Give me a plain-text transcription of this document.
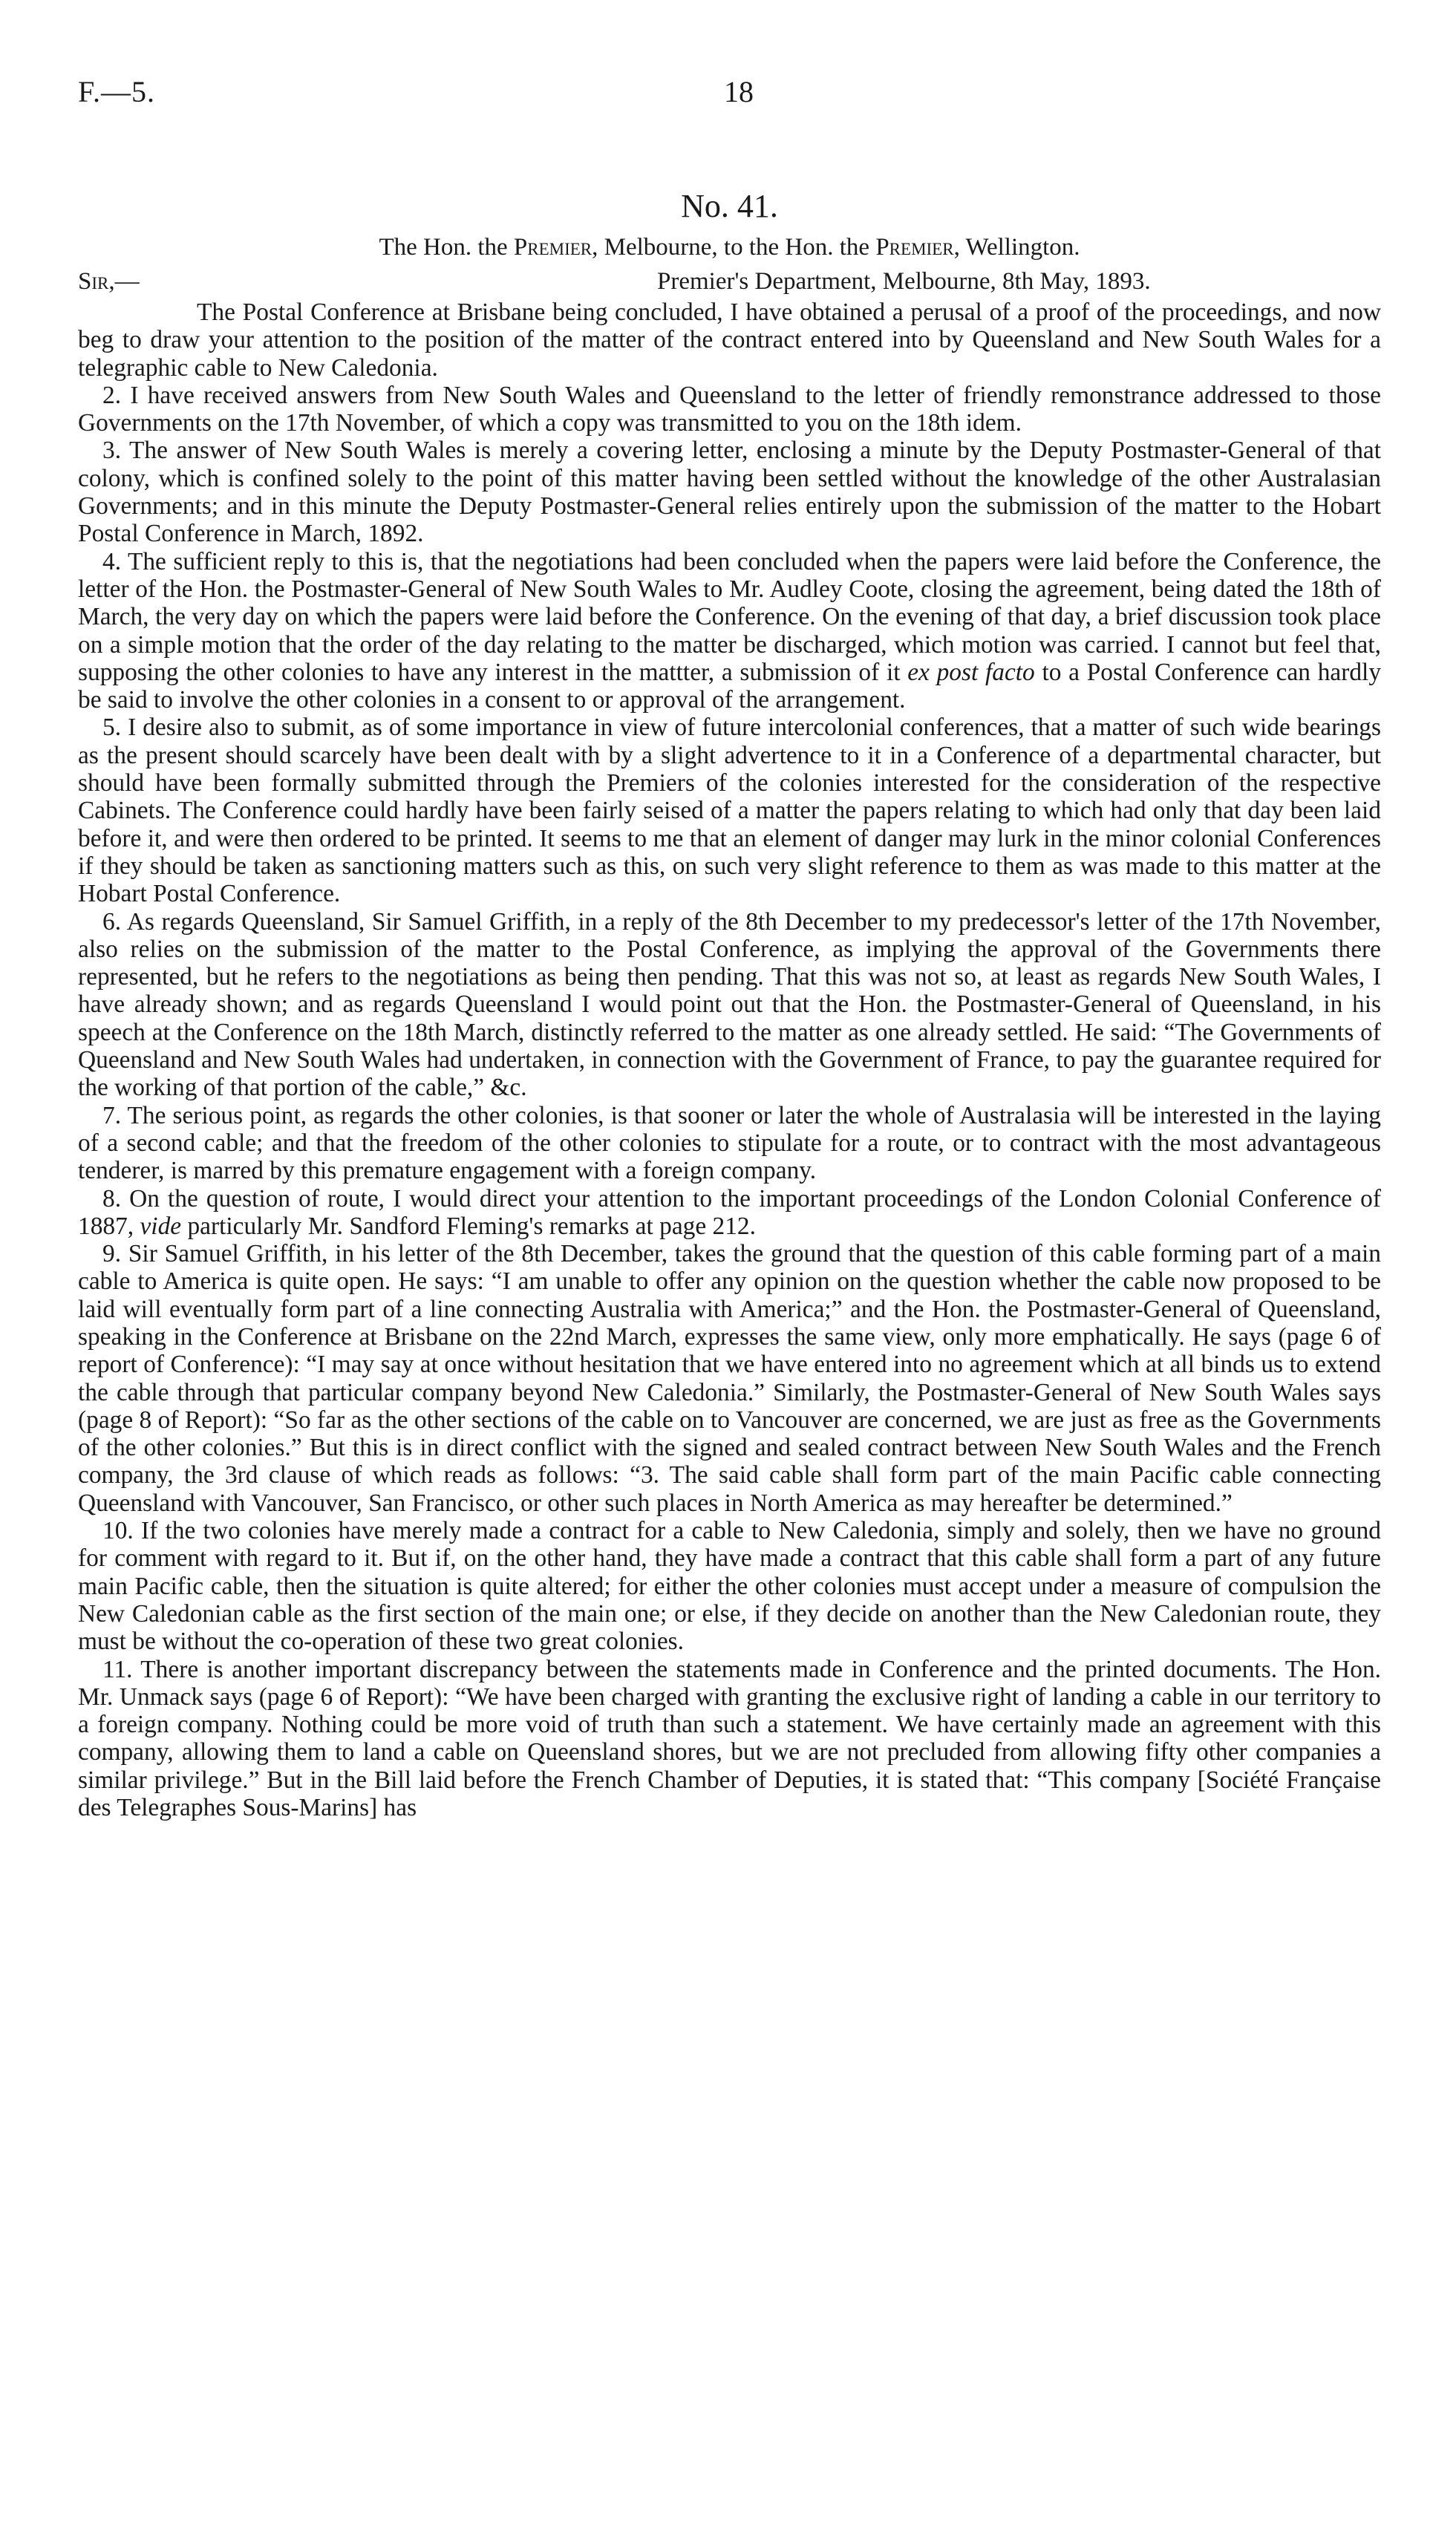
F.—5.	18
No. 41.
The Hon. the Premier, Melbourne, to the Hon. the Premier, Wellington.
Sir,—	Premier's Department, Melbourne, 8th May, 1893.

The Postal Conference at Brisbane being concluded, I have obtained a perusal of a proof of the proceedings, and now beg to draw your attention to the position of the matter of the contract entered into by Queensland and New South Wales for a telegraphic cable to New Caledonia.

2. I have received answers from New South Wales and Queensland to the letter of friendly remonstrance addressed to those Governments on the 17th November, of which a copy was transmitted to you on the 18th idem.

3. The answer of New South Wales is merely a covering letter, enclosing a minute by the Deputy Postmaster-General of that colony, which is confined solely to the point of this matter having been settled without the knowledge of the other Australasian Governments; and in this minute the Deputy Postmaster-General relies entirely upon the submission of the matter to the Hobart Postal Conference in March, 1892.

4. The sufficient reply to this is, that the negotiations had been concluded when the papers were laid before the Conference, the letter of the Hon. the Postmaster-General of New South Wales to Mr. Audley Coote, closing the agreement, being dated the 18th of March, the very day on which the papers were laid before the Conference. On the evening of that day, a brief discussion took place on a simple motion that the order of the day relating to the matter be discharged, which motion was carried. I cannot but feel that, supposing the other colonies to have any interest in the mattter, a submission of it ex post facto to a Postal Conference can hardly be said to involve the other colonies in a consent to or approval of the arrangement.

5. I desire also to submit, as of some importance in view of future intercolonial conferences, that a matter of such wide bearings as the present should scarcely have been dealt with by a slight advertence to it in a Conference of a departmental character, but should have been formally submitted through the Premiers of the colonies interested for the consideration of the respective Cabinets. The Conference could hardly have been fairly seised of a matter the papers relating to which had only that day been laid before it, and were then ordered to be printed. It seems to me that an element of danger may lurk in the minor colonial Conferences if they should be taken as sanctioning matters such as this, on such very slight reference to them as was made to this matter at the Hobart Postal Conference.

6. As regards Queensland, Sir Samuel Griffith, in a reply of the 8th December to my predecessor's letter of the 17th November, also relies on the submission of the matter to the Postal Conference, as implying the approval of the Governments there represented, but he refers to the negotiations as being then pending. That this was not so, at least as regards New South Wales, I have already shown; and as regards Queensland I would point out that the Hon. the Postmaster-General of Queensland, in his speech at the Conference on the 18th March, distinctly referred to the matter as one already settled. He said: “The Governments of Queensland and New South Wales had undertaken, in connection with the Government of France, to pay the guarantee required for the working of that portion of the cable,” &c.

7. The serious point, as regards the other colonies, is that sooner or later the whole of Australasia will be interested in the laying of a second cable; and that the freedom of the other colonies to stipulate for a route, or to contract with the most advantageous tenderer, is marred by this premature engagement with a foreign company.

8. On the question of route, I would direct your attention to the important proceedings of the London Colonial Conference of 1887, vide particularly Mr. Sandford Fleming's remarks at page 212.

9. Sir Samuel Griffith, in his letter of the 8th December, takes the ground that the question of this cable forming part of a main cable to America is quite open. He says: “I am unable to offer any opinion on the question whether the cable now proposed to be laid will eventually form part of a line connecting Australia with America;” and the Hon. the Postmaster-General of Queensland, speaking in the Conference at Brisbane on the 22nd March, expresses the same view, only more emphatically. He says (page 6 of report of Conference): “I may say at once without hesitation that we have entered into no agreement which at all binds us to extend the cable through that particular company beyond New Caledonia.” Similarly, the Postmaster-General of New South Wales says (page 8 of Report): “So far as the other sections of the cable on to Vancouver are concerned, we are just as free as the Governments of the other colonies.” But this is in direct conflict with the signed and sealed contract between New South Wales and the French company, the 3rd clause of which reads as follows: “3. The said cable shall form part of the main Pacific cable connecting Queensland with Vancouver, San Francisco, or other such places in North America as may hereafter be determined.”

10. If the two colonies have merely made a contract for a cable to New Caledonia, simply and solely, then we have no ground for comment with regard to it. But if, on the other hand, they have made a contract that this cable shall form a part of any future main Pacific cable, then the situation is quite altered; for either the other colonies must accept under a measure of compulsion the New Caledonian cable as the first section of the main one; or else, if they decide on another than the New Caledonian route, they must be without the co-operation of these two great colonies.

11. There is another important discrepancy between the statements made in Conference and the printed documents. The Hon. Mr. Unmack says (page 6 of Report): “We have been charged with granting the exclusive right of landing a cable in our territory to a foreign company. Nothing could be more void of truth than such a statement. We have certainly made an agreement with this company, allowing them to land a cable on Queensland shores, but we are not precluded from allowing fifty other companies a similar privilege.” But in the Bill laid before the French Chamber of Deputies, it is stated that: “This company [Société Française des Telegraphes Sous-Marins] has
